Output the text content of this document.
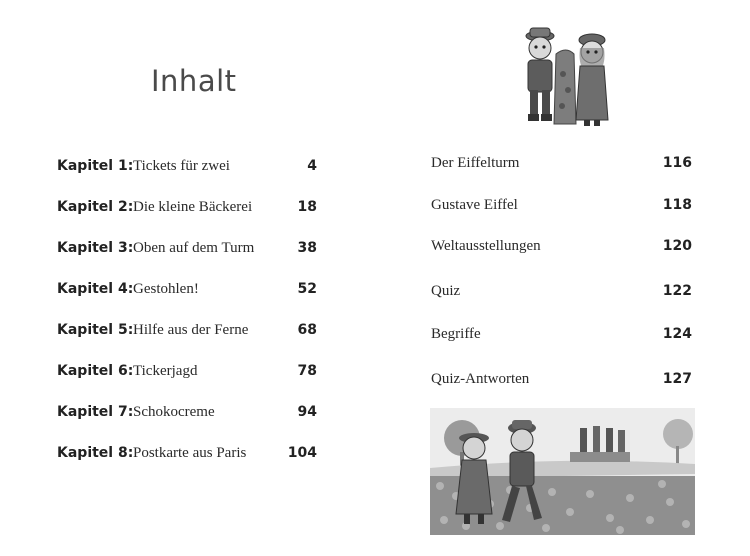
Inhalt
Kapitel 1: Tickets für zwei	4
Kapitel 2: Die kleine Bäckerei	18
Kapitel 3: Oben auf dem Turm	38
Kapitel 4: Gestohlen!	52
Kapitel 5: Hilfe aus der Ferne	68
Kapitel 6: Tickerjagd	78
Kapitel 7: Schokocreme	94
Kapitel 8: Postkarte aus Paris	104
Der Eiffelturm	116
Gustave Eiffel	118
Weltausstellungen	120
Quiz	122
Begriffe	124
Quiz-Antworten	127
